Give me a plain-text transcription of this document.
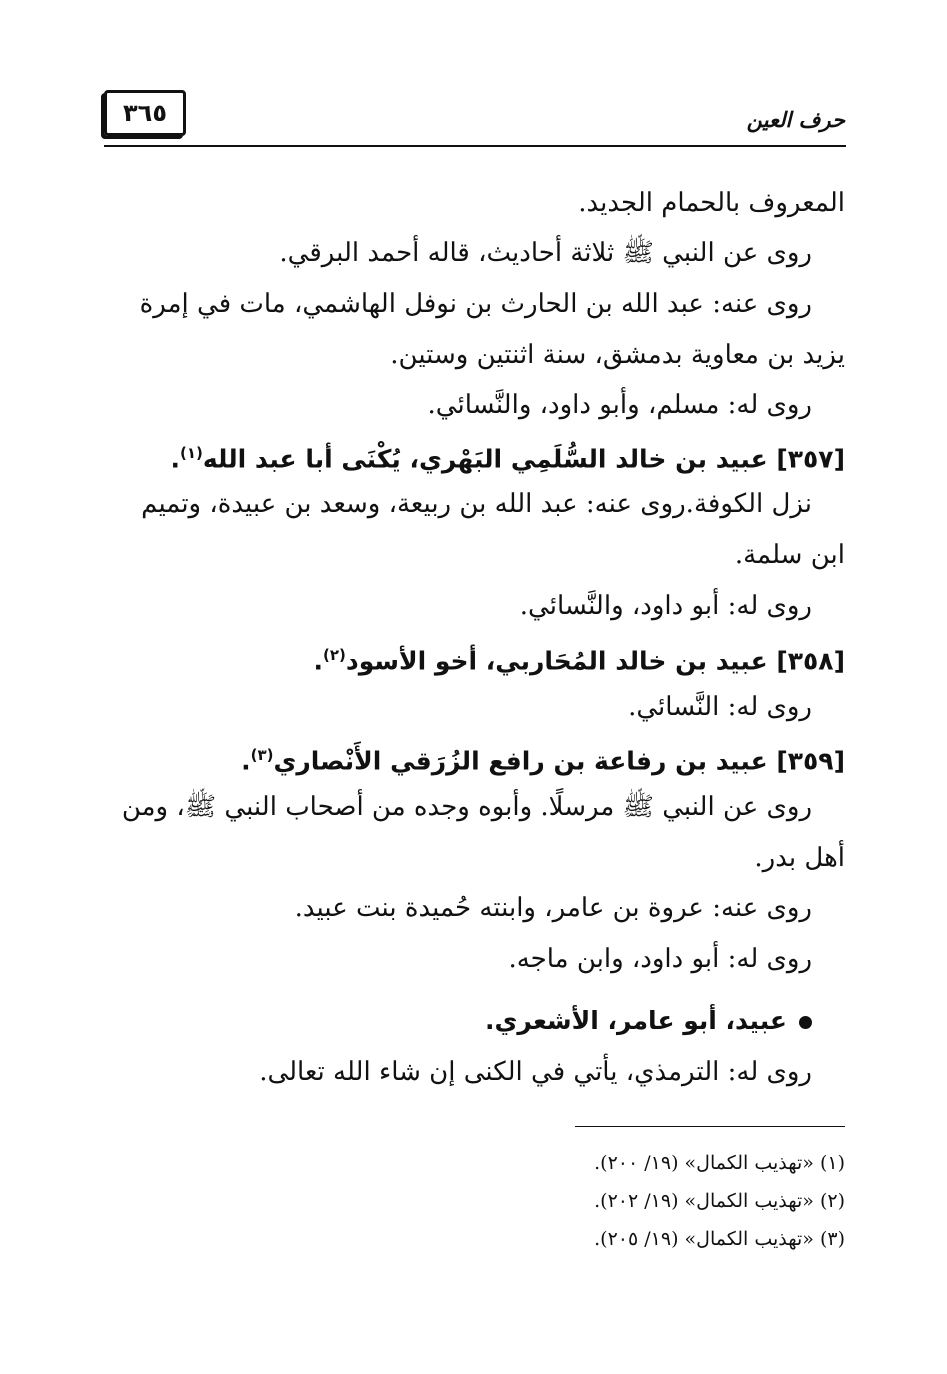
٣٦٥	حرف العين
المعروف بالحمام الجديد.
روى عن النبي ﷺ ثلاثة أحاديث، قاله أحمد البرقي.
روى عنه: عبد الله بن الحارث بن نوفل الهاشمي، مات في إمرة
يزيد بن معاوية بدمشق، سنة اثنتين وستين.
روى له: مسلم، وأبو داود، والنَّسائي.
[٣٥٧] عبيد بن خالد السُّلَمِي البَهْري، يُكْنَى أبا عبد الله$^{(١)}$.
نزل الكوفة.روى عنه: عبد الله بن ربيعة، وسعد بن عبيدة، وتميم
ابن سلمة.
روى له: أبو داود، والنَّسائي.
[٣٥٨] عبيد بن خالد المُحَاربي، أخو الأسود$^{(٢)}$.
روى له: النَّسائي.
[٣٥٩] عبيد بن رفاعة بن رافع الزُرَقي الأَنْصاري$^{(٣)}$.
روى عن النبي ﷺ مرسلًا. وأبوه وجده من أصحاب النبي ﷺ، ومن
أهل بدر.
روى عنه: عروة بن عامر، وابنته حُميدة بنت عبيد.
روى له: أبو داود، وابن ماجه.
عبيد، أبو عامر، الأشعري.
روى له: الترمذي، يأتي في الكنى إن شاء الله تعالى.
(١) «تهذيب الكمال» (١٩/ ٢٠٠).
(٢) «تهذيب الكمال» (١٩/ ٢٠٢).
(٣) «تهذيب الكمال» (١٩/ ٢٠٥).
